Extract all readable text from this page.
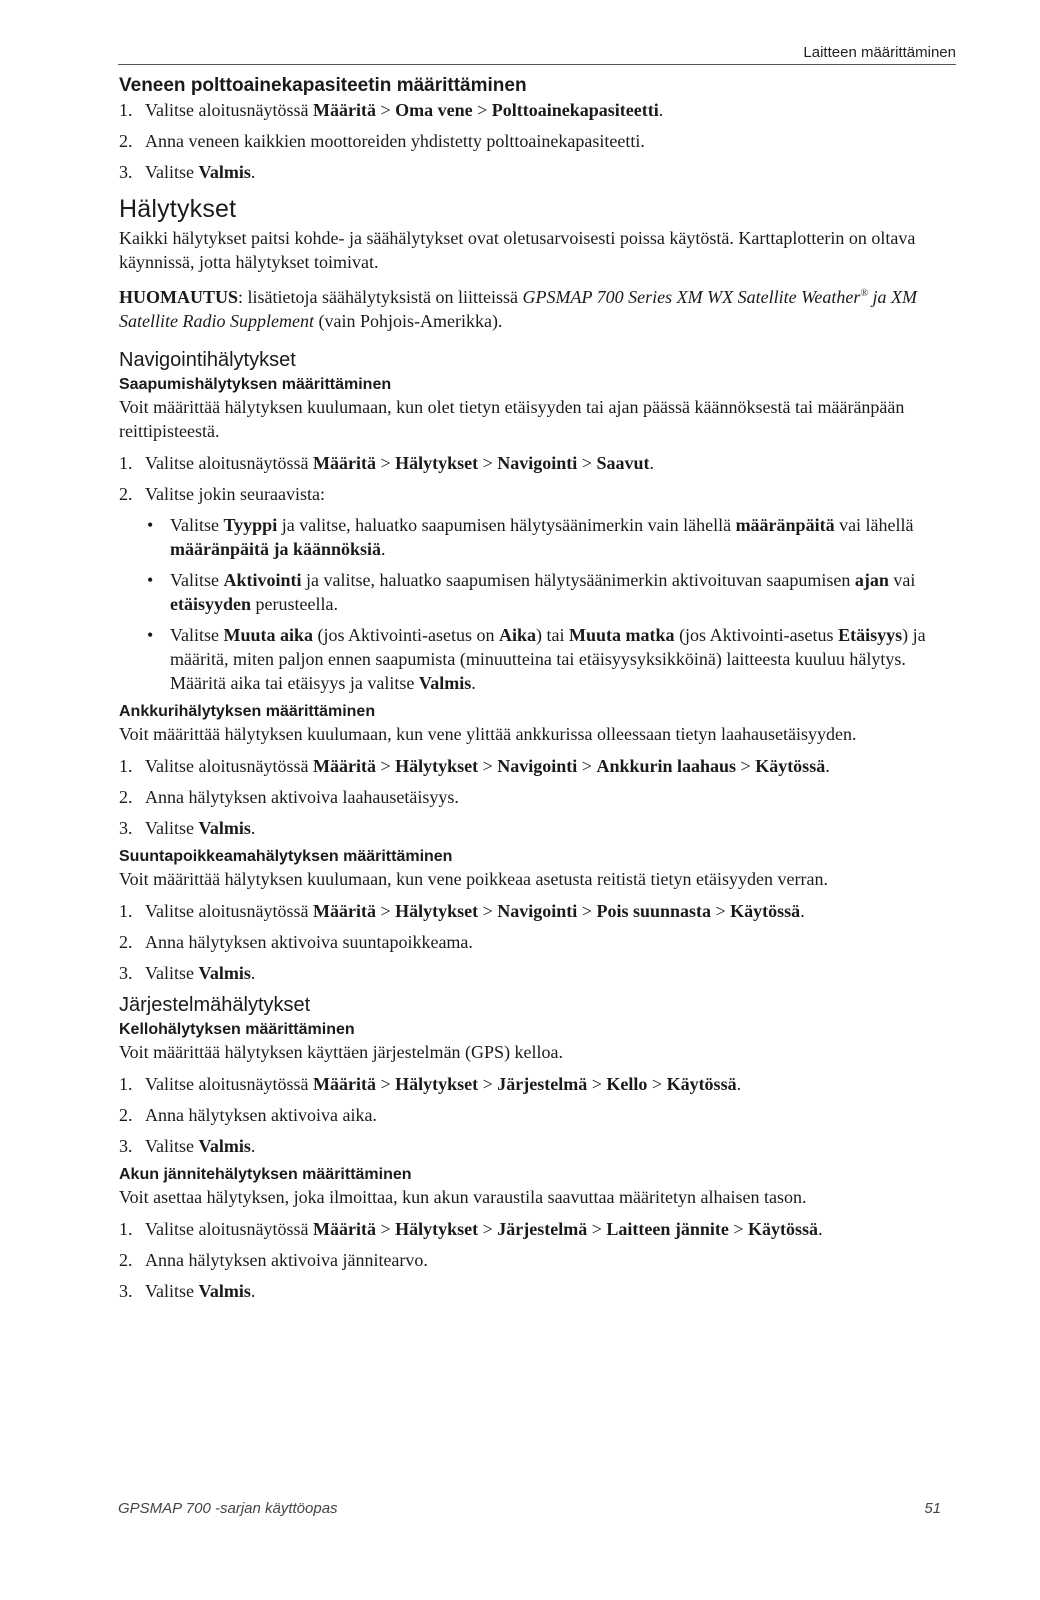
Laitteen määrittäminen
Veneen polttoainekapasiteetin määrittäminen
1. Valitse aloitusnäytössä Määritä > Oma vene > Polttoainekapasiteetti.
2. Anna veneen kaikkien moottoreiden yhdistetty polttoainekapasiteetti.
3. Valitse Valmis.
Hälytykset

Kaikki hälytykset paitsi kohde- ja säähälytykset ovat oletusarvoisesti poissa käytöstä. Karttaplotterin on oltava käynnissä, jotta hälytykset toimivat.

HUOMAUTUS: lisätietoja säähälytyksistä on liitteissä GPSMAP 700 Series XM WX Satellite Weather® ja XM Satellite Radio Supplement (vain Pohjois-Amerikka).

Navigointihälytykset
Saapumishälytyksen määrittäminen

Voit määrittää hälytyksen kuulumaan, kun olet tietyn etäisyyden tai ajan päässä käännöksestä tai määränpään reittipisteestä.

1. Valitse aloitusnäytössä Määritä > Hälytykset > Navigointi > Saavut.
2. Valitse jokin seuraavista:
• Valitse Tyyppi ja valitse, haluatko saapumisen hälytysäänimerkin vain lähellä määränpäitä vai lähellä määränpäitä ja käännöksiä.
• Valitse Aktivointi ja valitse, haluatko saapumisen hälytysäänimerkin aktivoituvan saapumisen ajan vai etäisyyden perusteella.
• Valitse Muuta aika (jos Aktivointi-asetus on Aika) tai Muuta matka (jos Aktivointi-asetus Etäisyys) ja määritä, miten paljon ennen saapumista (minuutteina tai etäisyysyksikköinä) laitteesta kuuluu hälytys. Määritä aika tai etäisyys ja valitse Valmis.
Ankkurihälytyksen määrittäminen

Voit määrittää hälytyksen kuulumaan, kun vene ylittää ankkurissa olleessaan tietyn laahausetäisyyden.

1. Valitse aloitusnäytössä Määritä > Hälytykset > Navigointi > Ankkurin laahaus > Käytössä.
2. Anna hälytyksen aktivoiva laahausetäisyys.
3. Valitse Valmis.
Suuntapoikkeamahälytyksen määrittäminen

Voit määrittää hälytyksen kuulumaan, kun vene poikkeaa asetusta reitistä tietyn etäisyyden verran.

1. Valitse aloitusnäytössä Määritä > Hälytykset > Navigointi > Pois suunnasta > Käytössä.
2. Anna hälytyksen aktivoiva suuntapoikkeama.
3. Valitse Valmis.
Järjestelmähälytykset
Kellohälytyksen määrittäminen

Voit määrittää hälytyksen käyttäen järjestelmän (GPS) kelloa.

1. Valitse aloitusnäytössä Määritä > Hälytykset > Järjestelmä > Kello > Käytössä.
2. Anna hälytyksen aktivoiva aika.
3. Valitse Valmis.
Akun jännitehälytyksen määrittäminen

Voit asettaa hälytyksen, joka ilmoittaa, kun akun varaustila saavuttaa määritetyn alhaisen tason.

1. Valitse aloitusnäytössä Määritä > Hälytykset > Järjestelmä > Laitteen jännite > Käytössä.
2. Anna hälytyksen aktivoiva jännitearvo.
3. Valitse Valmis.
GPSMAP 700 -sarjan käyttöopas	51
